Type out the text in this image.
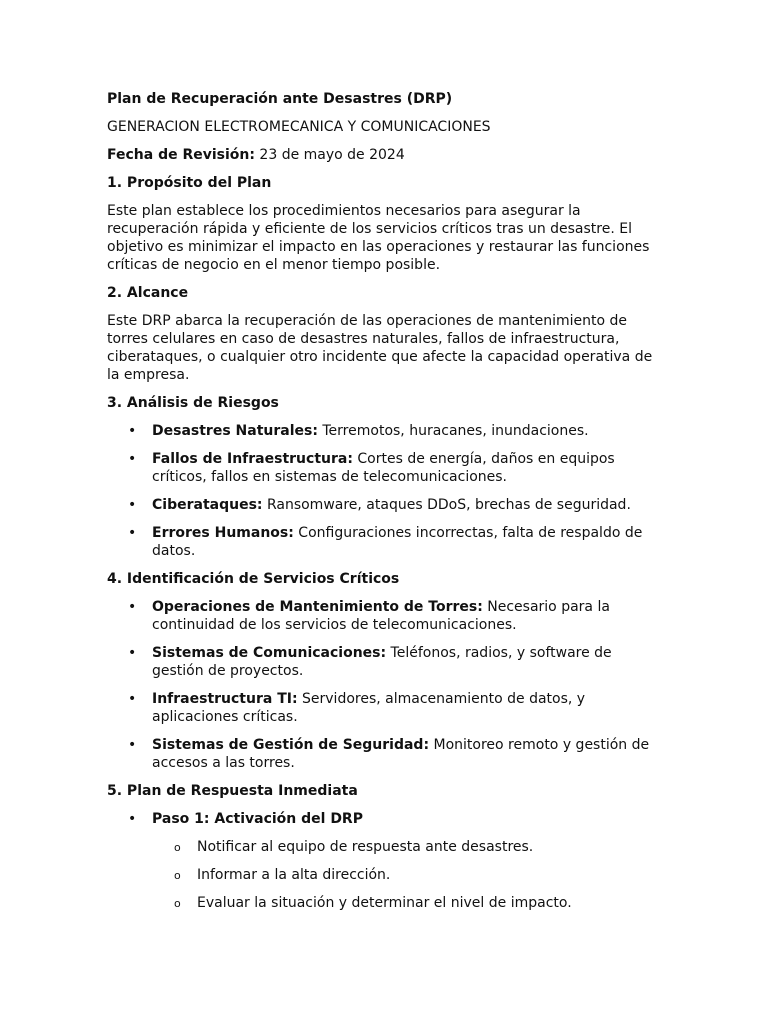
Plan de Recuperación ante Desastres (DRP)

GENERACION ELECTROMECANICA Y COMUNICACIONES

Fecha de Revisión: 23 de mayo de 2024

1. Propósito del Plan

Este plan establece los procedimientos necesarios para asegurar la recuperación rápida y eficiente de los servicios críticos tras un desastre. El objetivo es minimizar el impacto en las operaciones y restaurar las funciones críticas de negocio en el menor tiempo posible.

2. Alcance

Este DRP abarca la recuperación de las operaciones de mantenimiento de torres celulares en caso de desastres naturales, fallos de infraestructura, ciberataques, o cualquier otro incidente que afecte la capacidad operativa de la empresa.

3. Análisis de Riesgos

• Desastres Naturales: Terremotos, huracanes, inundaciones.
• Fallos de Infraestructura: Cortes de energía, daños en equipos críticos, fallos en sistemas de telecomunicaciones.
• Ciberataques: Ransomware, ataques DDoS, brechas de seguridad.
• Errores Humanos: Configuraciones incorrectas, falta de respaldo de datos.

4. Identificación de Servicios Críticos

• Operaciones de Mantenimiento de Torres: Necesario para la continuidad de los servicios de telecomunicaciones.
• Sistemas de Comunicaciones: Teléfonos, radios, y software de gestión de proyectos.
• Infraestructura TI: Servidores, almacenamiento de datos, y aplicaciones críticas.
• Sistemas de Gestión de Seguridad: Monitoreo remoto y gestión de accesos a las torres.

5. Plan de Respuesta Inmediata

• Paso 1: Activación del DRP
o Notificar al equipo de respuesta ante desastres.
o Informar a la alta dirección.
o Evaluar la situación y determinar el nivel de impacto.
